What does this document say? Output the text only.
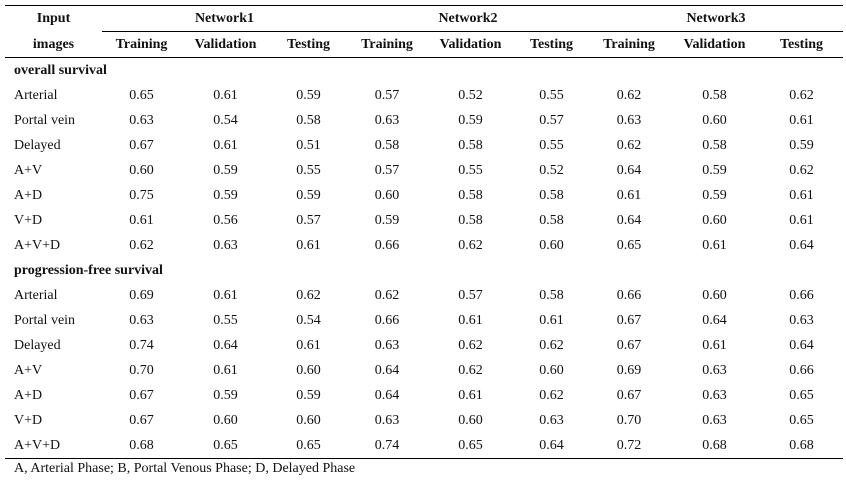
Input	Network1			Network2			Network3		
images	Training	Validation	Testing	Training	Validation	Testing	Training	Validation	Testing
overall survival									
Arterial	0.65	0.61	0.59	0.57	0.52	0.55	0.62	0.58	0.62
Portal vein	0.63	0.54	0.58	0.63	0.59	0.57	0.63	0.60	0.61
Delayed	0.67	0.61	0.51	0.58	0.58	0.55	0.62	0.58	0.59
A+V	0.60	0.59	0.55	0.57	0.55	0.52	0.64	0.59	0.62
A+D	0.75	0.59	0.59	0.60	0.58	0.58	0.61	0.59	0.61
V+D	0.61	0.56	0.57	0.59	0.58	0.58	0.64	0.60	0.61
A+V+D	0.62	0.63	0.61	0.66	0.62	0.60	0.65	0.61	0.64
progression-free survival									
Arterial	0.69	0.61	0.62	0.62	0.57	0.58	0.66	0.60	0.66
Portal vein	0.63	0.55	0.54	0.66	0.61	0.61	0.67	0.64	0.63
Delayed	0.74	0.64	0.61	0.63	0.62	0.62	0.67	0.61	0.64
A+V	0.70	0.61	0.60	0.64	0.62	0.60	0.69	0.63	0.66
A+D	0.67	0.59	0.59	0.64	0.61	0.62	0.67	0.63	0.65
V+D	0.67	0.60	0.60	0.63	0.60	0.63	0.70	0.63	0.65
A+V+D	0.68	0.65	0.65	0.74	0.65	0.64	0.72	0.68	0.68
A, Arterial Phase; B, Portal Venous Phase; D, Delayed Phase
